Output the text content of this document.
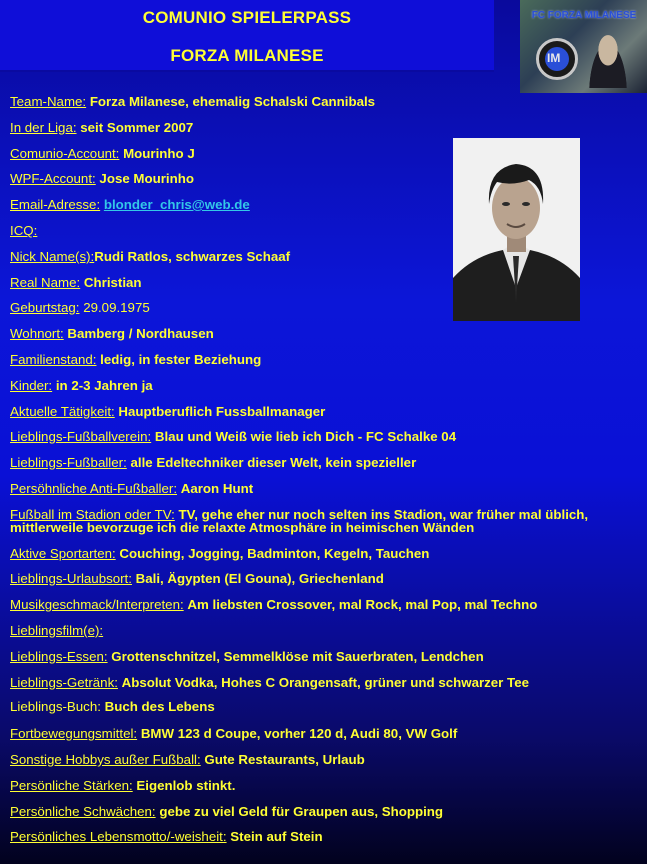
COMUNIO SPIELERPASS
FORZA MILANESE
FC FORZA MILANESE
IM
Team-Name: Forza Milanese, ehemalig Schalski Cannibals
In der Liga: seit Sommer 2007
Comunio-Account: Mourinho J
WPF-Account: Jose Mourinho
Email-Adresse: blonder_chris@web.de
ICQ:
Nick Name(s):Rudi Ratlos, schwarzes Schaaf
Real Name: Christian
Geburtstag: 29.09.1975
Wohnort: Bamberg / Nordhausen
Familienstand: ledig, in fester Beziehung
Kinder: in 2-3 Jahren ja
Aktuelle Tätigkeit: Hauptberuflich Fussballmanager
Lieblings-Fußballverein: Blau und Weiß wie lieb ich Dich - FC Schalke 04
Lieblings-Fußballer: alle Edeltechniker dieser Welt, kein spezieller
Persöhnliche Anti-Fußballer: Aaron Hunt
Fußball im Stadion oder TV: TV, gehe eher nur noch selten ins Stadion, war früher mal üblich, mittlerweile bevorzuge ich die relaxte Atmosphäre in heimischen Wänden
Aktive Sportarten: Couching, Jogging, Badminton, Kegeln, Tauchen
Lieblings-Urlaubsort: Bali, Ägypten (El Gouna), Griechenland
Musikgeschmack/Interpreten: Am liebsten Crossover, mal Rock, mal Pop, mal Techno
Lieblingsfilm(e):
Lieblings-Essen: Grottenschnitzel, Semmelklöse mit Sauerbraten, Lendchen
Lieblings-Getränk: Absolut Vodka, Hohes C Orangensaft, grüner und schwarzer Tee
Lieblings-Buch: Buch des Lebens
Fortbewegungsmittel: BMW 123 d Coupe, vorher 120 d, Audi 80, VW Golf
Sonstige Hobbys außer Fußball: Gute Restaurants, Urlaub
Persönliche Stärken: Eigenlob stinkt.
Persönliche Schwächen: gebe zu viel Geld für Graupen aus, Shopping
Persönliches Lebensmotto/-weisheit: Stein auf Stein
